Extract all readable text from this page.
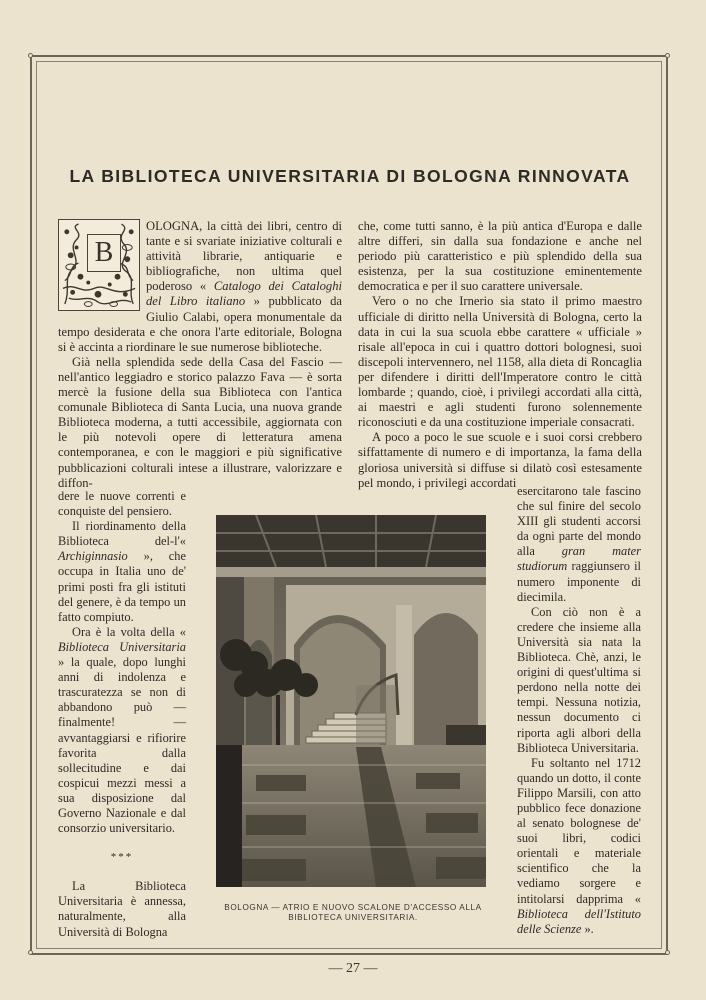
LA BIBLIOTECA UNIVERSITARIA DI BOLOGNA RINNOVATA
B

OLOGNA, la città dei libri, centro di tante e si svariate iniziative colturali e attività librarie, antiquarie e bibliografiche, non ultima quel poderoso « Catalogo dei Cataloghi del Libro italiano » pubblicato da Giulio Calabi, opera monumentale da tempo desiderata e che onora l'arte editoriale, Bologna si è accinta a riordinare le sue numerose biblioteche.

Già nella splendida sede della Casa del Fascio — nell'antico leggiadro e storico palazzo Fava — è sorta mercè la fusione della sua Biblioteca con l'antica comunale Biblioteca di Santa Lucia, una nuova grande Biblioteca moderna, a tutti accessibile, aggiornata con le più notevoli opere di letteratura amena contemporanea, e con le maggiori e più significative pubblicazioni colturali intese a illustrare, valorizzare e diffon-

dere le nuove correnti e conquiste del pensiero.

Il riordinamento della Biblioteca del-l'« Archiginnasio », che occupa in Italia uno de' primi posti fra gli istituti del genere, è da tempo un fatto compiuto.

Ora è la volta della « Biblioteca Universitaria » la quale, dopo lunghi anni di indolenza e trascuratezza se non di abbandono può — finalmente! — avvantaggiarsi e rifiorire favorita dalla sollecitudine e dai cospicui mezzi messi a sua disposizione dal Governo Nazionale e dal consorzio universitario.

***

La Biblioteca Universitaria è annessa, naturalmente, alla Università di Bologna

che, come tutti sanno, è la più antica d'Europa e dalle altre differi, sin dalla sua fondazione e anche nel periodo più caratteristico e più splendido della sua esistenza, per la sua costituzione eminentemente democratica e per il suo carattere universale.

Vero o no che Irnerio sia stato il primo maestro ufficiale di diritto nella Università di Bologna, certo la data in cui la sua scuola ebbe carattere « ufficiale » risale all'epoca in cui i quattro dottori bolognesi, suoi discepoli intervennero, nel 1158, alla dieta di Roncaglia per difendere i diritti dell'Imperatore contro le città lombarde ; quando, cioè, i privilegi accordati alla città, ai maestri e agli studenti furono solennemente riconosciuti e da una costituzione imperiale consacrati.

A poco a poco le sue scuole e i suoi corsi crebbero siffattamente di numero e di importanza, la fama della gloriosa università si diffuse si dilatò così estesamente pel mondo, i privilegi accordati

esercitarono tale fascino che sul finire del secolo XIII gli studenti accorsi da ogni parte del mondo alla gran mater studiorum raggiunsero il numero imponente di diecimila.

Con ciò non è a credere che insieme alla Università sia nata la Biblioteca. Chè, anzi, le origini di quest'ultima si perdono nella notte dei tempi. Nessuna notizia, nessun documento ci riporta agli albori della Biblioteca Universitaria.

Fu soltanto nel 1712 quando un dotto, il conte Filippo Marsili, con atto pubblico fece donazione al senato bolognese de' suoi libri, codici orientali e materiale scientifico che la vediamo sorgere e intitolarsi dapprima « Biblioteca dell'Istituto delle Scienze ».

BOLOGNA — ATRIO E NUOVO SCALONE D'ACCESSO ALLA BIBLIOTECA UNIVERSITARIA.
— 27 —
